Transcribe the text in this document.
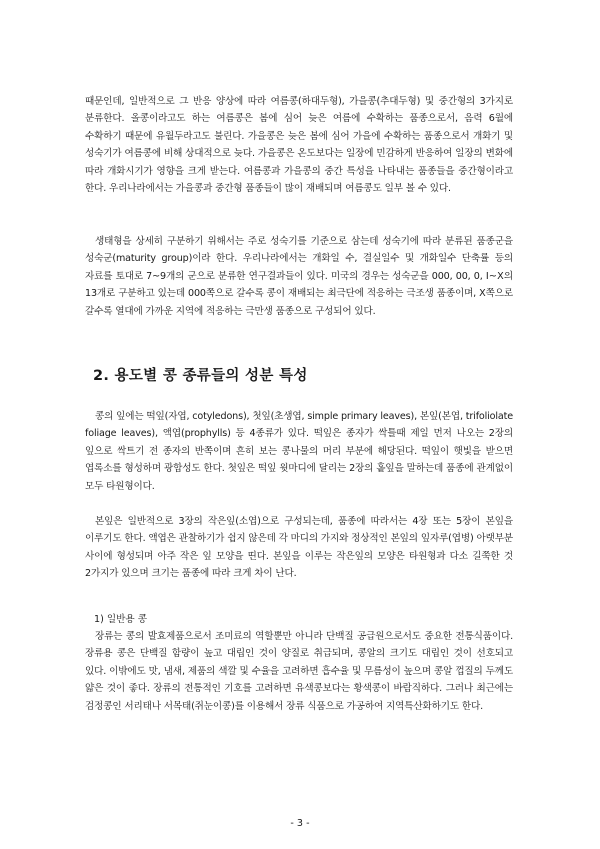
때문인데, 일반적으로 그 반응 양상에 따라 여름콩(하대두형), 가을콩(추대두형) 및 중간형의 3가지로 분류한다. 올콩이라고도 하는 여름콩은 봄에 심어 늦은 여름에 수확하는 품종으로서, 음력 6월에 수확하기 때문에 유월두라고도 불린다. 가을콩은 늦은 봄에 심어 가을에 수확하는 품종으로서 개화기 및 성숙기가 여름콩에 비해 상대적으로 늦다. 가을콩은 온도보다는 일장에 민감하게 반응하여 일장의 변화에 따라 개화시기가 영향을 크게 받는다. 여름콩과 가을콩의 중간 특성을 나타내는 품종들을 중간형이라고 한다. 우리나라에서는 가을콩과 중간형 품종들이 많이 재배되며 여름콩도 일부 볼 수 있다.

생태형을 상세히 구분하기 위해서는 주로 성숙기를 기준으로 삼는데 성숙기에 따라 분류된 품종군을 성숙군(maturity group)이라 한다. 우리나라에서는 개화일 수, 결실일수 및 개화일수 단축률 등의 자료를 토대로 7~9개의 군으로 분류한 연구결과들이 있다. 미국의 경우는 성숙군을 000, 00, 0, Ⅰ~Ⅹ의 13개로 구분하고 있는데 000쪽으로 갈수록 콩이 재배되는 최극단에 적응하는 극조생 품종이며, Ⅹ쪽으로 갈수록 열대에 가까운 지역에 적응하는 극만생 품종으로 구성되어 있다.

2. 용도별 콩 종류들의 성분 특성

콩의 잎에는 떡잎(자엽, cotyledons), 첫잎(초생엽, simple primary leaves), 본잎(본엽, trifoliolate foliage leaves), 액엽(prophylls) 등 4종류가 있다. 떡잎은 종자가 싹틀때 제일 먼저 나오는 2장의 잎으로 싹트기 전 종자의 반쪽이며 흔히 보는 콩나물의 머리 부분에 해당된다. 떡잎이 햇빛을 받으면 엽록소를 형성하며 광합성도 한다. 첫잎은 떡잎 윗마디에 달리는 2장의 홑잎을 말하는데 품종에 관계없이 모두 타원형이다.

본잎은 일반적으로 3장의 작은잎(소엽)으로 구성되는데, 품종에 따라서는 4장 또는 5장이 본잎을 이루기도 한다. 액엽은 관찰하기가 쉽지 않은데 각 마디의 가지와 정상적인 본잎의 잎자루(엽병) 아랫부분 사이에 형성되며 아주 작은 잎 모양을 띤다. 본잎을 이루는 작은잎의 모양은 타원형과 다소 길쭉한 것 2가지가 있으며 크기는 품종에 따라 크게 차이 난다.

1) 일반용 콩

장류는 콩의 발효제품으로서 조미료의 역할뿐만 아니라 단백질 공급원으로서도 중요한 전통식품이다. 장류용 콩은 단백질 함량이 높고 대립인 것이 양질로 취급되며, 콩알의 크기도 대립인 것이 선호되고 있다. 이밖에도 맛, 냄새, 제품의 색깔 및 수율을 고려하면 흡수율 및 무름성이 높으며 콩알 껍질의 두께도 얇은 것이 좋다. 장류의 전통적인 기호를 고려하면 유색콩보다는 황색콩이 바람직하다. 그러나 최근에는 검정콩인 서리태나 서목태(쥐눈이콩)를 이용해서 장류 식품으로 가공하여 지역특산화하기도 한다.

- 3 -
